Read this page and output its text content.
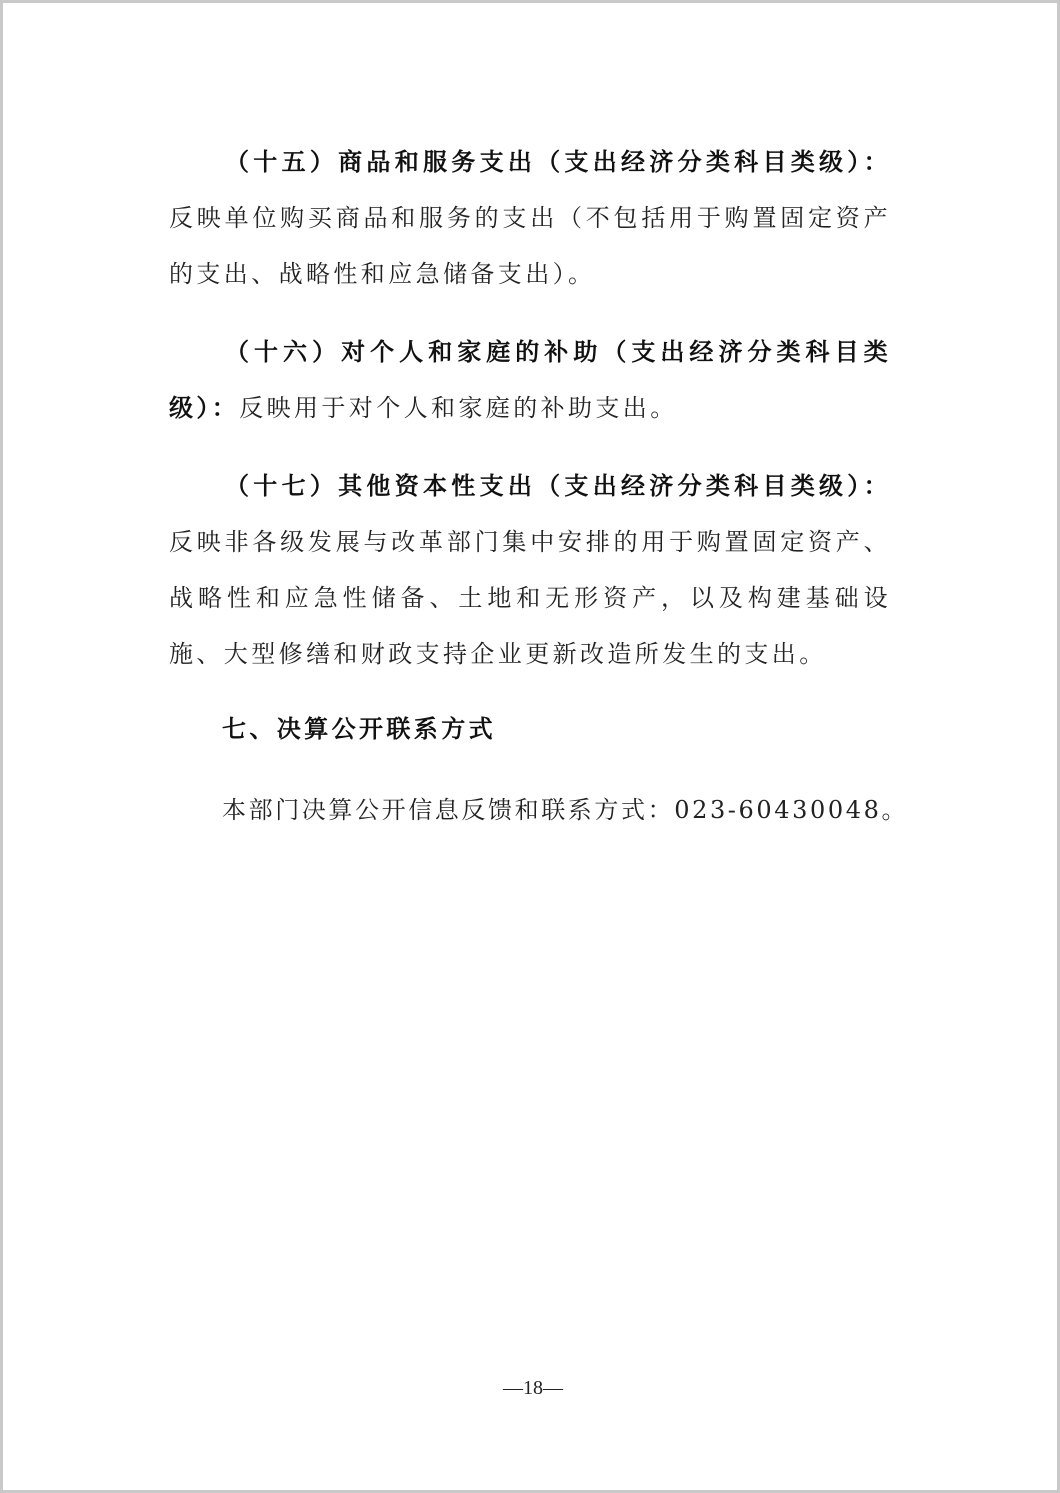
（十五）商品和服务支出（支出经济分类科目类级）：反映单位购买商品和服务的支出（不包括用于购置固定资产的支出、战略性和应急储备支出）。

（十六）对个人和家庭的补助（支出经济分类科目类级）：反映用于对个人和家庭的补助支出。

（十七）其他资本性支出（支出经济分类科目类级）：反映非各级发展与改革部门集中安排的用于购置固定资产、战略性和应急性储备、土地和无形资产，以及构建基础设施、大型修缮和财政支持企业更新改造所发生的支出。

七、决算公开联系方式

本部门决算公开信息反馈和联系方式：023-60430048。

—18—
